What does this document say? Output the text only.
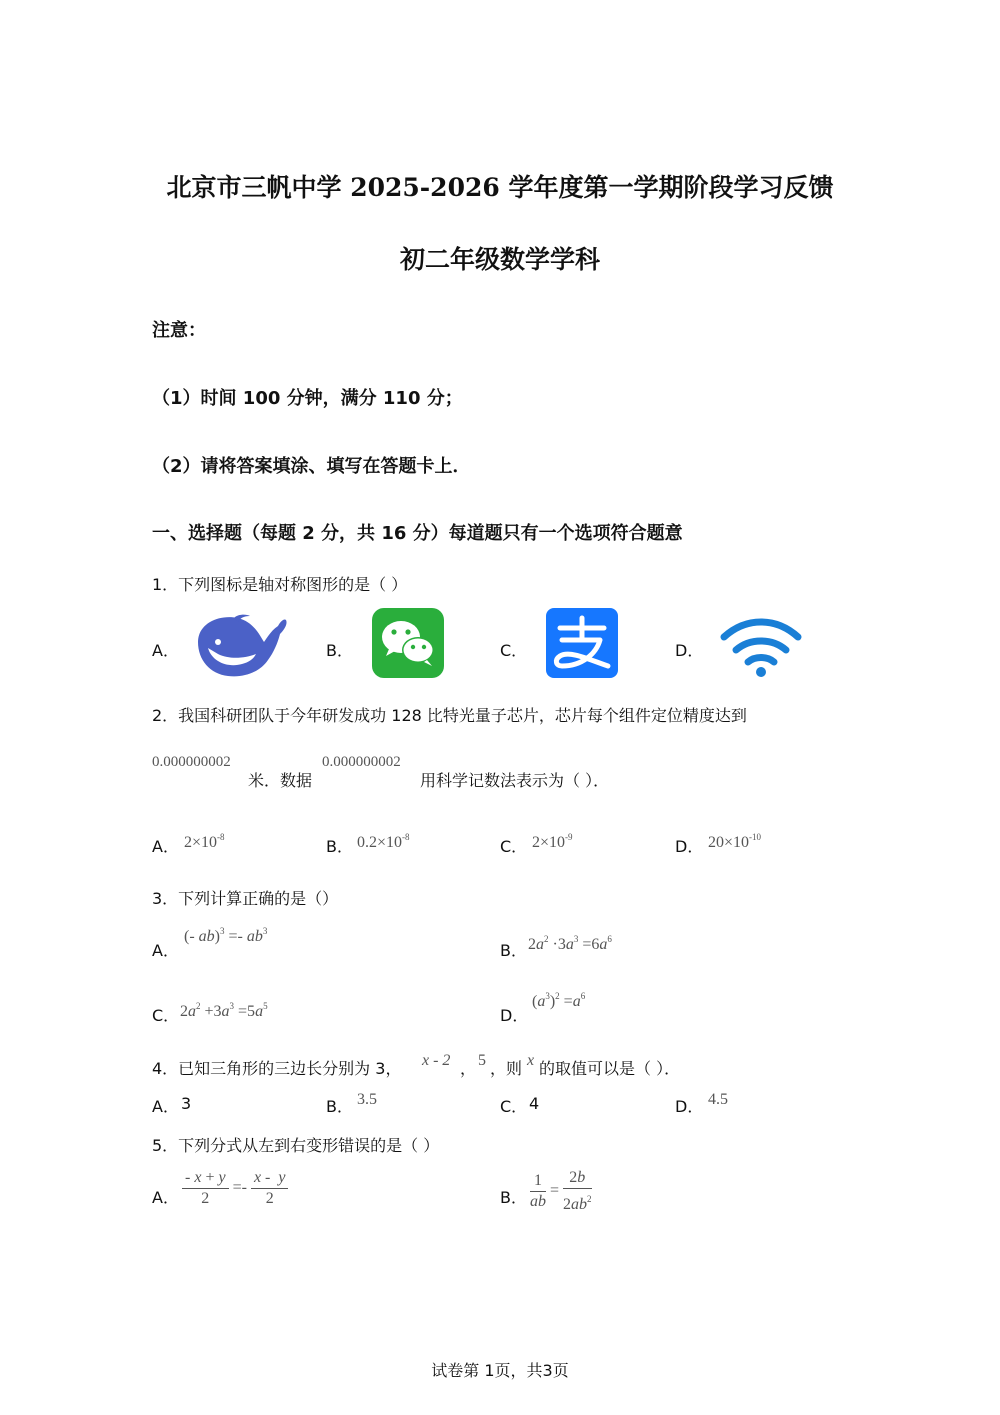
北京市三帆中学 2025-2026 学年度第一学期阶段学习反馈
初二年级数学学科
注意：
（1）时间 100 分钟，满分 110 分；
（2）请将答案填涂、填写在答题卡上．
一、选择题（每题 2 分，共 16 分）每道题只有一个选项符合题意
1．下列图标是轴对称图形的是（ ）
A．	B．	C．	D．
2．我国科研团队于今年研发成功 128 比特光量子芯片，芯片每个组件定位精度达到
0.000000002
米．数据
0.000000002
用科学记数法表示为（ ）．
A． $2\times 10^{-8}$	B． $0.2\times 10^{-8}$	C． $2\times 10^{-9}$	D． $20\times 10^{-10}$
3．下列计算正确的是（）
A．
(- $ab)^3 =- ab^3$
B． $2a^2 \cdot 3a^3 =6a^6$
C． $2a^2 +3a^3 =5a^5$	D．
$(a^3)^2 =a^6$
4．已知三角形的三边长分别为 3， x - 2 ， 5 ，则 x 的取值可以是（ ）．
A． 3	B． 3.5	C． 4	D． 4.5
5．下列分式从左到右变形错误的是（ ）
A． $\frac{- x + y}{2} =- \frac{x - y}{2}$	B． $\frac{1}{ab} = \frac{2b}{2ab^2}$
试卷第 1页，共3页
